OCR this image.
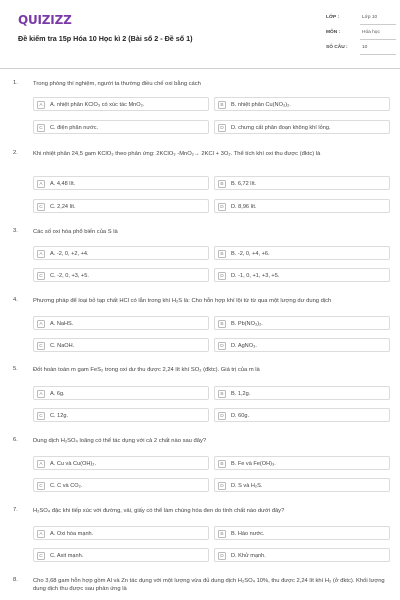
QUIZIZZ
Đề kiểm tra 15p Hóa 10 Học kì 2 (Bài số 2 - Đề số 1)
LỚP :	Lớp 10
MÔN :	Hóa học
SỐ CÂU :	10
1.	Trong phòng thí nghiệm, người ta thường điều chế oxi bằng cách
A	A. nhiệt phân KClO₃ có xúc tác MnO₂.	B	B. nhiệt phân Cu(NO₃)₂.
C	C. điện phân nước.	D	D. chưng cất phân đoạn không khí lỏng.
2.	Khi nhiệt phân 24,5 gam KClO₃ theo phản ứng: 2KClO₃ -MnO₂→ 2KCl + 3O₂. Thể tích khí oxi thu được (đktc) là
A	A. 4,48 lít.	B	B. 6,72 lít.
C	C. 2,24 lít.	D	D. 8,96 lít.
3.	Các số oxi hóa phổ biến của S là
A	A. -2, 0, +2, +4.	B	B. -2, 0, +4, +6.
C	C. -2, 0, +3, +5.	D	D. -1, 0, +1, +3, +5.
4.	Phương pháp để loại bỏ tạp chất HCl có lẫn trong khí H₂S là: Cho hỗn hợp khí lội từ từ qua một lượng dư dung dịch
A	A. NaHS.	B	B. Pb(NO₃)₂.
C	C. NaOH.	D	D. AgNO₃.
5.	Đốt hoàn toàn m gam FeS₂ trong oxi dư thu được 2,24 lít khí SO₂ (đktc). Giá trị của m là
A	A. 6g.	B	B. 1,2g.
C	C. 12g.	D	D. 60g.
6.	Dung dịch H₂SO₄ loãng có thể tác dụng với cả 2 chất nào sau đây?
A	A. Cu và Cu(OH)₂.	B	B. Fe và Fe(OH)₃.
C	C. C và CO₂.	D	D. S và H₂S.
7.	H₂SO₄ đặc khi tiếp xúc với đường, vải, giấy có thể làm chúng hóa đen do tính chất nào dưới đây?
A	A. Oxi hóa mạnh.	B	B. Háo nước.
C	C. Axit mạnh.	D	D. Khử mạnh.
8.	Cho 3,68 gam hỗn hợp gồm Al và Zn tác dụng với một lượng vừa đủ dung dịch H₂SO₄ 10%, thu được 2,24 lít khí H₂ (ở đktc). Khối lượng dung dịch thu được sau phản ứng là
